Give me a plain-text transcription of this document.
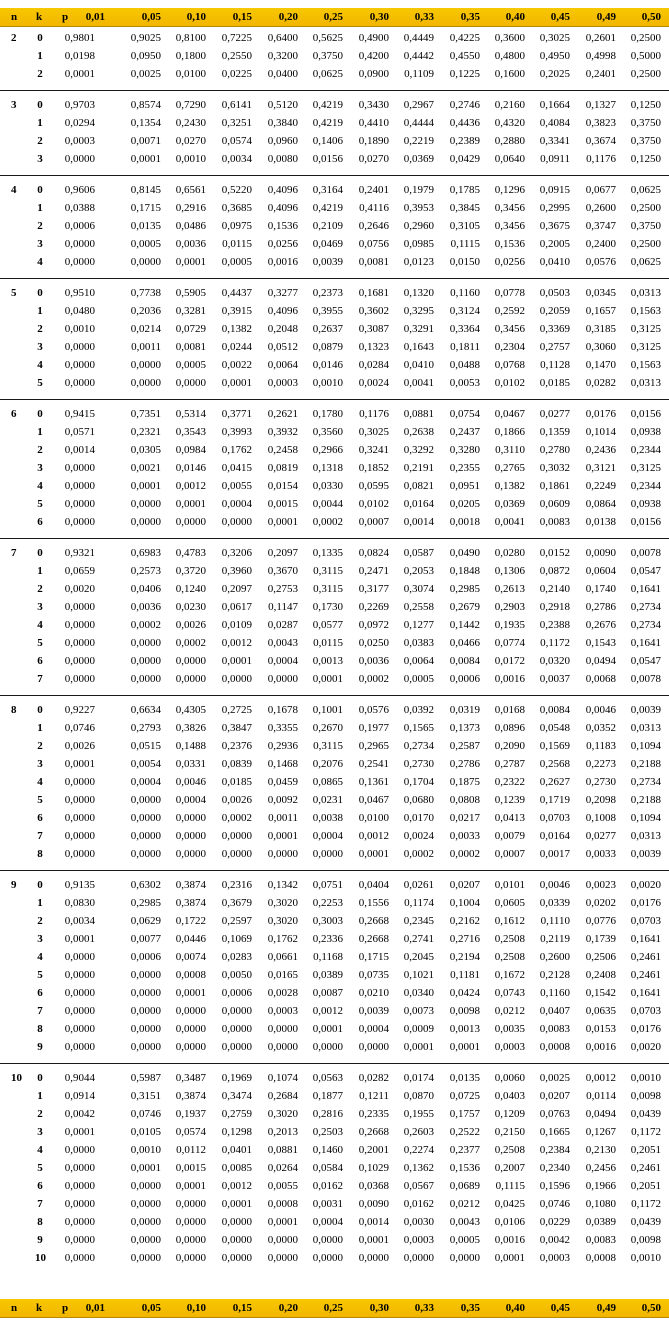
n k p	0,01	0,05	0,10	0,15	0,20	0,25	0,30	0,33	0,35	0,40	0,45	0,49	0,50
2 0	0,9801	0,9025	0,8100	0,7225	0,6400	0,5625	0,4900	0,4449	0,4225	0,3600	0,3025	0,2601	0,2500
1	0,0198	0,0950	0,1800	0,2550	0,3200	0,3750	0,4200	0,4442	0,4550	0,4800	0,4950	0,4998	0,5000
2	0,0001	0,0025	0,0100	0,0225	0,0400	0,0625	0,0900	0,1109	0,1225	0,1600	0,2025	0,2401	0,2500
3 0	0,9703	0,8574	0,7290	0,6141	0,5120	0,4219	0,3430	0,2967	0,2746	0,2160	0,1664	0,1327	0,1250
1	0,0294	0,1354	0,2430	0,3251	0,3840	0,4219	0,4410	0,4444	0,4436	0,4320	0,4084	0,3823	0,3750
2	0,0003	0,0071	0,0270	0,0574	0,0960	0,1406	0,1890	0,2219	0,2389	0,2880	0,3341	0,3674	0,3750
3	0,0000	0,0001	0,0010	0,0034	0,0080	0,0156	0,0270	0,0369	0,0429	0,0640	0,0911	0,1176	0,1250
4 0	0,9606	0,8145	0,6561	0,5220	0,4096	0,3164	0,2401	0,1979	0,1785	0,1296	0,0915	0,0677	0,0625
1	0,0388	0,1715	0,2916	0,3685	0,4096	0,4219	0,4116	0,3953	0,3845	0,3456	0,2995	0,2600	0,2500
2	0,0006	0,0135	0,0486	0,0975	0,1536	0,2109	0,2646	0,2960	0,3105	0,3456	0,3675	0,3747	0,3750
3	0,0000	0,0005	0,0036	0,0115	0,0256	0,0469	0,0756	0,0985	0,1115	0,1536	0,2005	0,2400	0,2500
4	0,0000	0,0000	0,0001	0,0005	0,0016	0,0039	0,0081	0,0123	0,0150	0,0256	0,0410	0,0576	0,0625
5 0	0,9510	0,7738	0,5905	0,4437	0,3277	0,2373	0,1681	0,1320	0,1160	0,0778	0,0503	0,0345	0,0313
1	0,0480	0,2036	0,3281	0,3915	0,4096	0,3955	0,3602	0,3295	0,3124	0,2592	0,2059	0,1657	0,1563
2	0,0010	0,0214	0,0729	0,1382	0,2048	0,2637	0,3087	0,3291	0,3364	0,3456	0,3369	0,3185	0,3125
3	0,0000	0,0011	0,0081	0,0244	0,0512	0,0879	0,1323	0,1643	0,1811	0,2304	0,2757	0,3060	0,3125
4	0,0000	0,0000	0,0005	0,0022	0,0064	0,0146	0,0284	0,0410	0,0488	0,0768	0,1128	0,1470	0,1563
5	0,0000	0,0000	0,0000	0,0001	0,0003	0,0010	0,0024	0,0041	0,0053	0,0102	0,0185	0,0282	0,0313
6 0	0,9415	0,7351	0,5314	0,3771	0,2621	0,1780	0,1176	0,0881	0,0754	0,0467	0,0277	0,0176	0,0156
1	0,0571	0,2321	0,3543	0,3993	0,3932	0,3560	0,3025	0,2638	0,2437	0,1866	0,1359	0,1014	0,0938
2	0,0014	0,0305	0,0984	0,1762	0,2458	0,2966	0,3241	0,3292	0,3280	0,3110	0,2780	0,2436	0,2344
3	0,0000	0,0021	0,0146	0,0415	0,0819	0,1318	0,1852	0,2191	0,2355	0,2765	0,3032	0,3121	0,3125
4	0,0000	0,0001	0,0012	0,0055	0,0154	0,0330	0,0595	0,0821	0,0951	0,1382	0,1861	0,2249	0,2344
5	0,0000	0,0000	0,0001	0,0004	0,0015	0,0044	0,0102	0,0164	0,0205	0,0369	0,0609	0,0864	0,0938
6	0,0000	0,0000	0,0000	0,0000	0,0001	0,0002	0,0007	0,0014	0,0018	0,0041	0,0083	0,0138	0,0156
7 0	0,9321	0,6983	0,4783	0,3206	0,2097	0,1335	0,0824	0,0587	0,0490	0,0280	0,0152	0,0090	0,0078
1	0,0659	0,2573	0,3720	0,3960	0,3670	0,3115	0,2471	0,2053	0,1848	0,1306	0,0872	0,0604	0,0547
2	0,0020	0,0406	0,1240	0,2097	0,2753	0,3115	0,3177	0,3074	0,2985	0,2613	0,2140	0,1740	0,1641
3	0,0000	0,0036	0,0230	0,0617	0,1147	0,1730	0,2269	0,2558	0,2679	0,2903	0,2918	0,2786	0,2734
4	0,0000	0,0002	0,0026	0,0109	0,0287	0,0577	0,0972	0,1277	0,1442	0,1935	0,2388	0,2676	0,2734
5	0,0000	0,0000	0,0002	0,0012	0,0043	0,0115	0,0250	0,0383	0,0466	0,0774	0,1172	0,1543	0,1641
6	0,0000	0,0000	0,0000	0,0001	0,0004	0,0013	0,0036	0,0064	0,0084	0,0172	0,0320	0,0494	0,0547
7	0,0000	0,0000	0,0000	0,0000	0,0000	0,0001	0,0002	0,0005	0,0006	0,0016	0,0037	0,0068	0,0078
8 0	0,9227	0,6634	0,4305	0,2725	0,1678	0,1001	0,0576	0,0392	0,0319	0,0168	0,0084	0,0046	0,0039
1	0,0746	0,2793	0,3826	0,3847	0,3355	0,2670	0,1977	0,1565	0,1373	0,0896	0,0548	0,0352	0,0313
2	0,0026	0,0515	0,1488	0,2376	0,2936	0,3115	0,2965	0,2734	0,2587	0,2090	0,1569	0,1183	0,1094
3	0,0001	0,0054	0,0331	0,0839	0,1468	0,2076	0,2541	0,2730	0,2786	0,2787	0,2568	0,2273	0,2188
4	0,0000	0,0004	0,0046	0,0185	0,0459	0,0865	0,1361	0,1704	0,1875	0,2322	0,2627	0,2730	0,2734
5	0,0000	0,0000	0,0004	0,0026	0,0092	0,0231	0,0467	0,0680	0,0808	0,1239	0,1719	0,2098	0,2188
6	0,0000	0,0000	0,0000	0,0002	0,0011	0,0038	0,0100	0,0170	0,0217	0,0413	0,0703	0,1008	0,1094
7	0,0000	0,0000	0,0000	0,0000	0,0001	0,0004	0,0012	0,0024	0,0033	0,0079	0,0164	0,0277	0,0313
8	0,0000	0,0000	0,0000	0,0000	0,0000	0,0000	0,0001	0,0002	0,0002	0,0007	0,0017	0,0033	0,0039
9 0	0,9135	0,6302	0,3874	0,2316	0,1342	0,0751	0,0404	0,0261	0,0207	0,0101	0,0046	0,0023	0,0020
1	0,0830	0,2985	0,3874	0,3679	0,3020	0,2253	0,1556	0,1174	0,1004	0,0605	0,0339	0,0202	0,0176
2	0,0034	0,0629	0,1722	0,2597	0,3020	0,3003	0,2668	0,2345	0,2162	0,1612	0,1110	0,0776	0,0703
3	0,0001	0,0077	0,0446	0,1069	0,1762	0,2336	0,2668	0,2741	0,2716	0,2508	0,2119	0,1739	0,1641
4	0,0000	0,0006	0,0074	0,0283	0,0661	0,1168	0,1715	0,2045	0,2194	0,2508	0,2600	0,2506	0,2461
5	0,0000	0,0000	0,0008	0,0050	0,0165	0,0389	0,0735	0,1021	0,1181	0,1672	0,2128	0,2408	0,2461
6	0,0000	0,0000	0,0001	0,0006	0,0028	0,0087	0,0210	0,0340	0,0424	0,0743	0,1160	0,1542	0,1641
7	0,0000	0,0000	0,0000	0,0000	0,0003	0,0012	0,0039	0,0073	0,0098	0,0212	0,0407	0,0635	0,0703
8	0,0000	0,0000	0,0000	0,0000	0,0000	0,0001	0,0004	0,0009	0,0013	0,0035	0,0083	0,0153	0,0176
9	0,0000	0,0000	0,0000	0,0000	0,0000	0,0000	0,0000	0,0001	0,0001	0,0003	0,0008	0,0016	0,0020
10 0	0,9044	0,5987	0,3487	0,1969	0,1074	0,0563	0,0282	0,0174	0,0135	0,0060	0,0025	0,0012	0,0010
1	0,0914	0,3151	0,3874	0,3474	0,2684	0,1877	0,1211	0,0870	0,0725	0,0403	0,0207	0,0114	0,0098
2	0,0042	0,0746	0,1937	0,2759	0,3020	0,2816	0,2335	0,1955	0,1757	0,1209	0,0763	0,0494	0,0439
3	0,0001	0,0105	0,0574	0,1298	0,2013	0,2503	0,2668	0,2603	0,2522	0,2150	0,1665	0,1267	0,1172
4	0,0000	0,0010	0,0112	0,0401	0,0881	0,1460	0,2001	0,2274	0,2377	0,2508	0,2384	0,2130	0,2051
5	0,0000	0,0001	0,0015	0,0085	0,0264	0,0584	0,1029	0,1362	0,1536	0,2007	0,2340	0,2456	0,2461
6	0,0000	0,0000	0,0001	0,0012	0,0055	0,0162	0,0368	0,0567	0,0689	0,1115	0,1596	0,1966	0,2051
7	0,0000	0,0000	0,0000	0,0001	0,0008	0,0031	0,0090	0,0162	0,0212	0,0425	0,0746	0,1080	0,1172
8	0,0000	0,0000	0,0000	0,0000	0,0001	0,0004	0,0014	0,0030	0,0043	0,0106	0,0229	0,0389	0,0439
9	0,0000	0,0000	0,0000	0,0000	0,0000	0,0000	0,0001	0,0003	0,0005	0,0016	0,0042	0,0083	0,0098
10	0,0000	0,0000	0,0000	0,0000	0,0000	0,0000	0,0000	0,0000	0,0000	0,0001	0,0003	0,0008	0,0010
n k p	0,01	0,05	0,10	0,15	0,20	0,25	0,30	0,33	0,35	0,40	0,45	0,49	0,50
